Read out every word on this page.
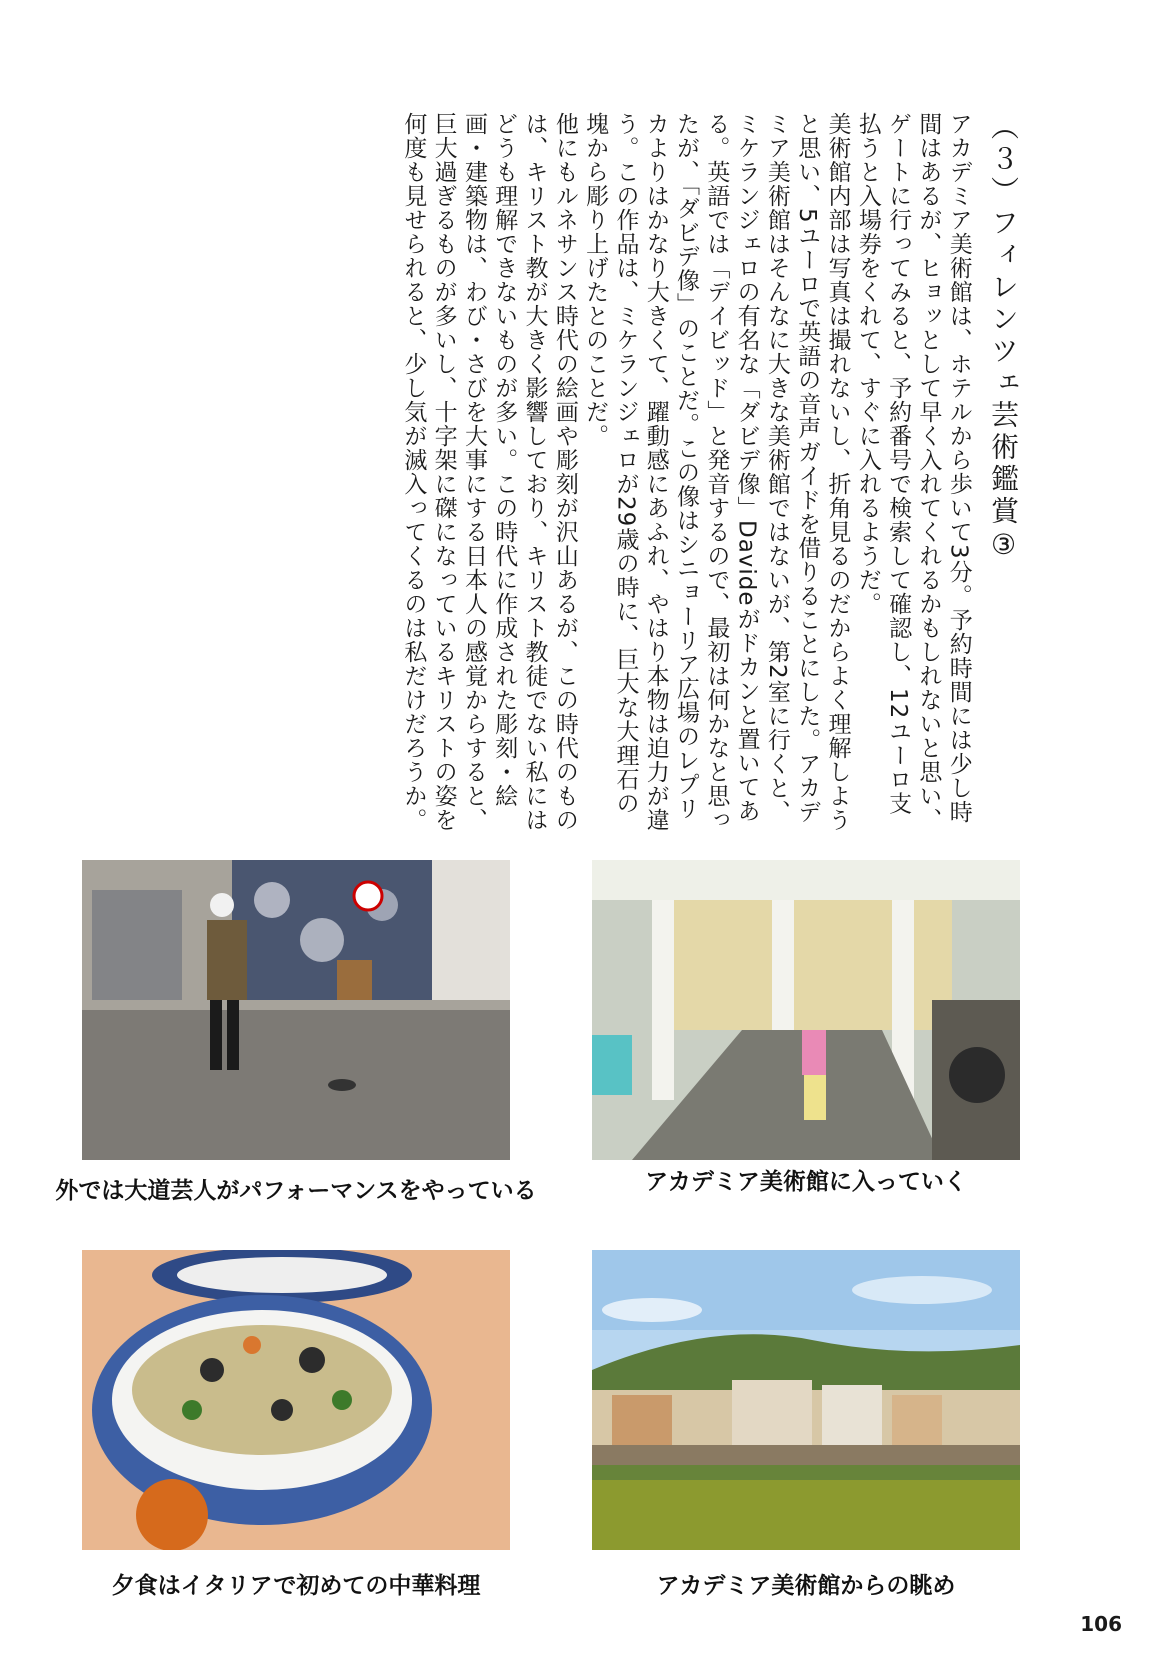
（３）フィレンツェ芸術鑑賞③

アカデミア美術館は、ホテルから歩いて3分。予約時間には少し時間はあるが、ヒョッとして早く入れてくれるかもしれないと思い、ゲートに行ってみると、予約番号で検索して確認し、12ユーロ支払うと入場券をくれて、すぐに入れるようだ。

美術館内部は写真は撮れないし、折角見るのだからよく理解しようと思い、5ユーロで英語の音声ガイドを借りることにした。アカデミア美術館はそんなに大きな美術館ではないが、第2室に行くと、ミケランジェロの有名な「ダビデ像」Davideがドカンと置いてある。英語では「デイビッド」と発音するので、最初は何かなと思ったが、「ダビデ像」のことだ。この像はシニョーリア広場のレプリカよりはかなり大きくて、躍動感にあふれ、やはり本物は迫力が違う。この作品は、ミケランジェロが29歳の時に、巨大な大理石の塊から彫り上げたとのことだ。

他にもルネサンス時代の絵画や彫刻が沢山あるが、この時代のものは、キリスト教が大きく影響しており、キリスト教徒でない私にはどうも理解できないものが多い。この時代に作成された彫刻・絵画・建築物は、わび・さびを大事にする日本人の感覚からすると、巨大過ぎるものが多いし、十字架に磔になっているキリストの姿を何度も見せられると、少し気が滅入ってくるのは私だけだろうか。

外では大道芸人がパフォーマンスをやっている	アカデミア美術館に入っていく
夕食はイタリアで初めての中華料理	アカデミア美術館からの眺め
106
